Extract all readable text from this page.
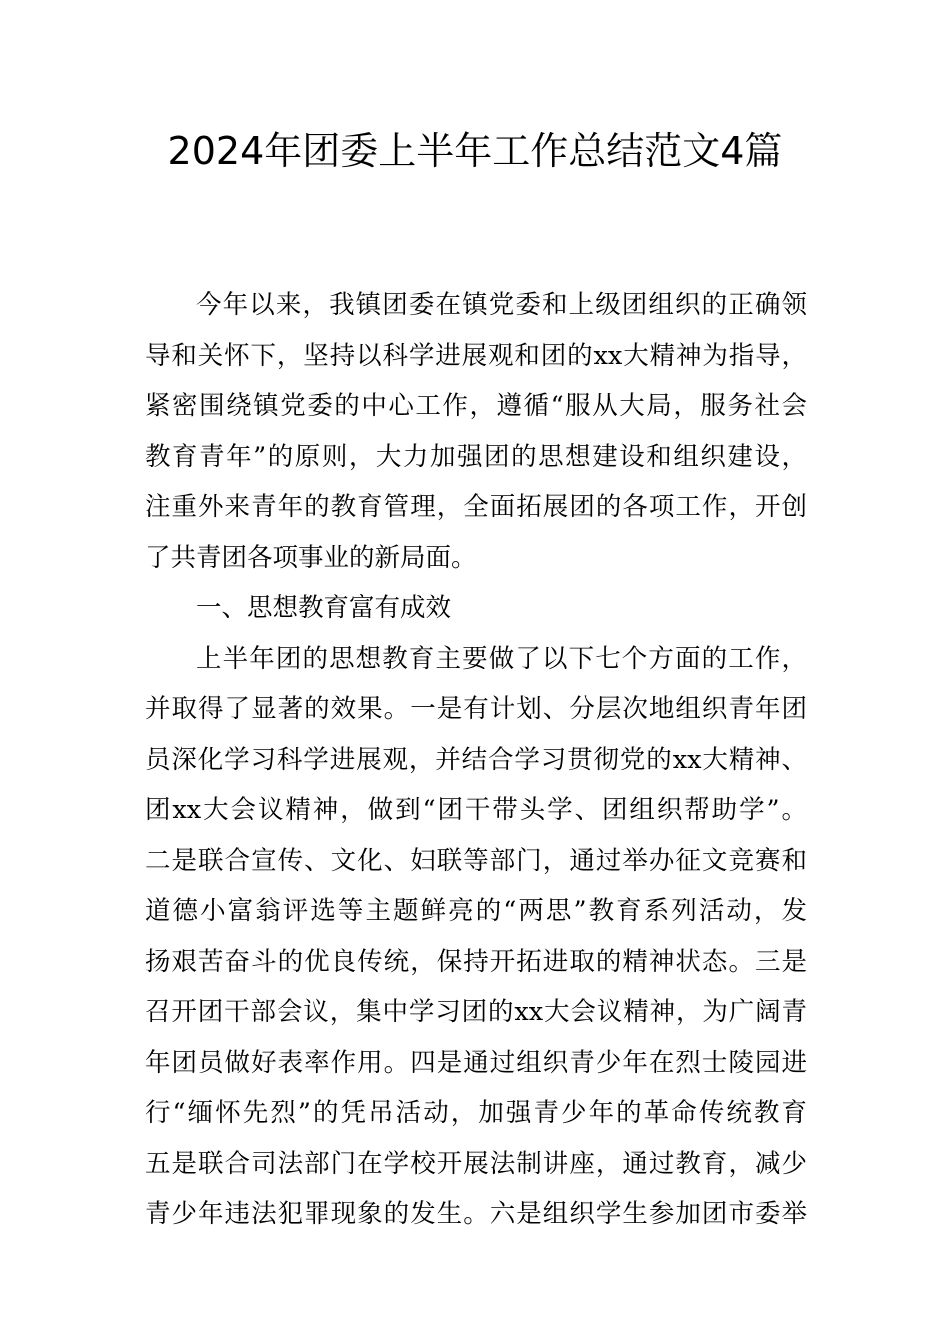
2024年团委上半年工作总结范文4篇
今年以来，我镇团委在镇党委和上级团组织的正确领
导和关怀下，坚持以科学进展观和团的xx大精神为指导，
紧密围绕镇党委的中心工作，遵循“服从大局，服务社会
教育青年”的原则，大力加强团的思想建设和组织建设，
注重外来青年的教育管理，全面拓展团的各项工作，开创
了共青团各项事业的新局面。
一、思想教育富有成效
上半年团的思想教育主要做了以下七个方面的工作，
并取得了显著的效果。一是有计划、分层次地组织青年团
员深化学习科学进展观，并结合学习贯彻党的xx大精神、
团xx大会议精神，做到“团干带头学、团组织帮助学”。
二是联合宣传、文化、妇联等部门，通过举办征文竞赛和
道德小富翁评选等主题鲜亮的“两思”教育系列活动，发
扬艰苦奋斗的优良传统，保持开拓进取的精神状态。三是
召开团干部会议，集中学习团的xx大会议精神，为广阔青
年团员做好表率作用。四是通过组织青少年在烈士陵园进
行“缅怀先烈”的凭吊活动，加强青少年的革命传统教育
五是联合司法部门在学校开展法制讲座，通过教育，减少
青少年违法犯罪现象的发生。六是组织学生参加团市委举
